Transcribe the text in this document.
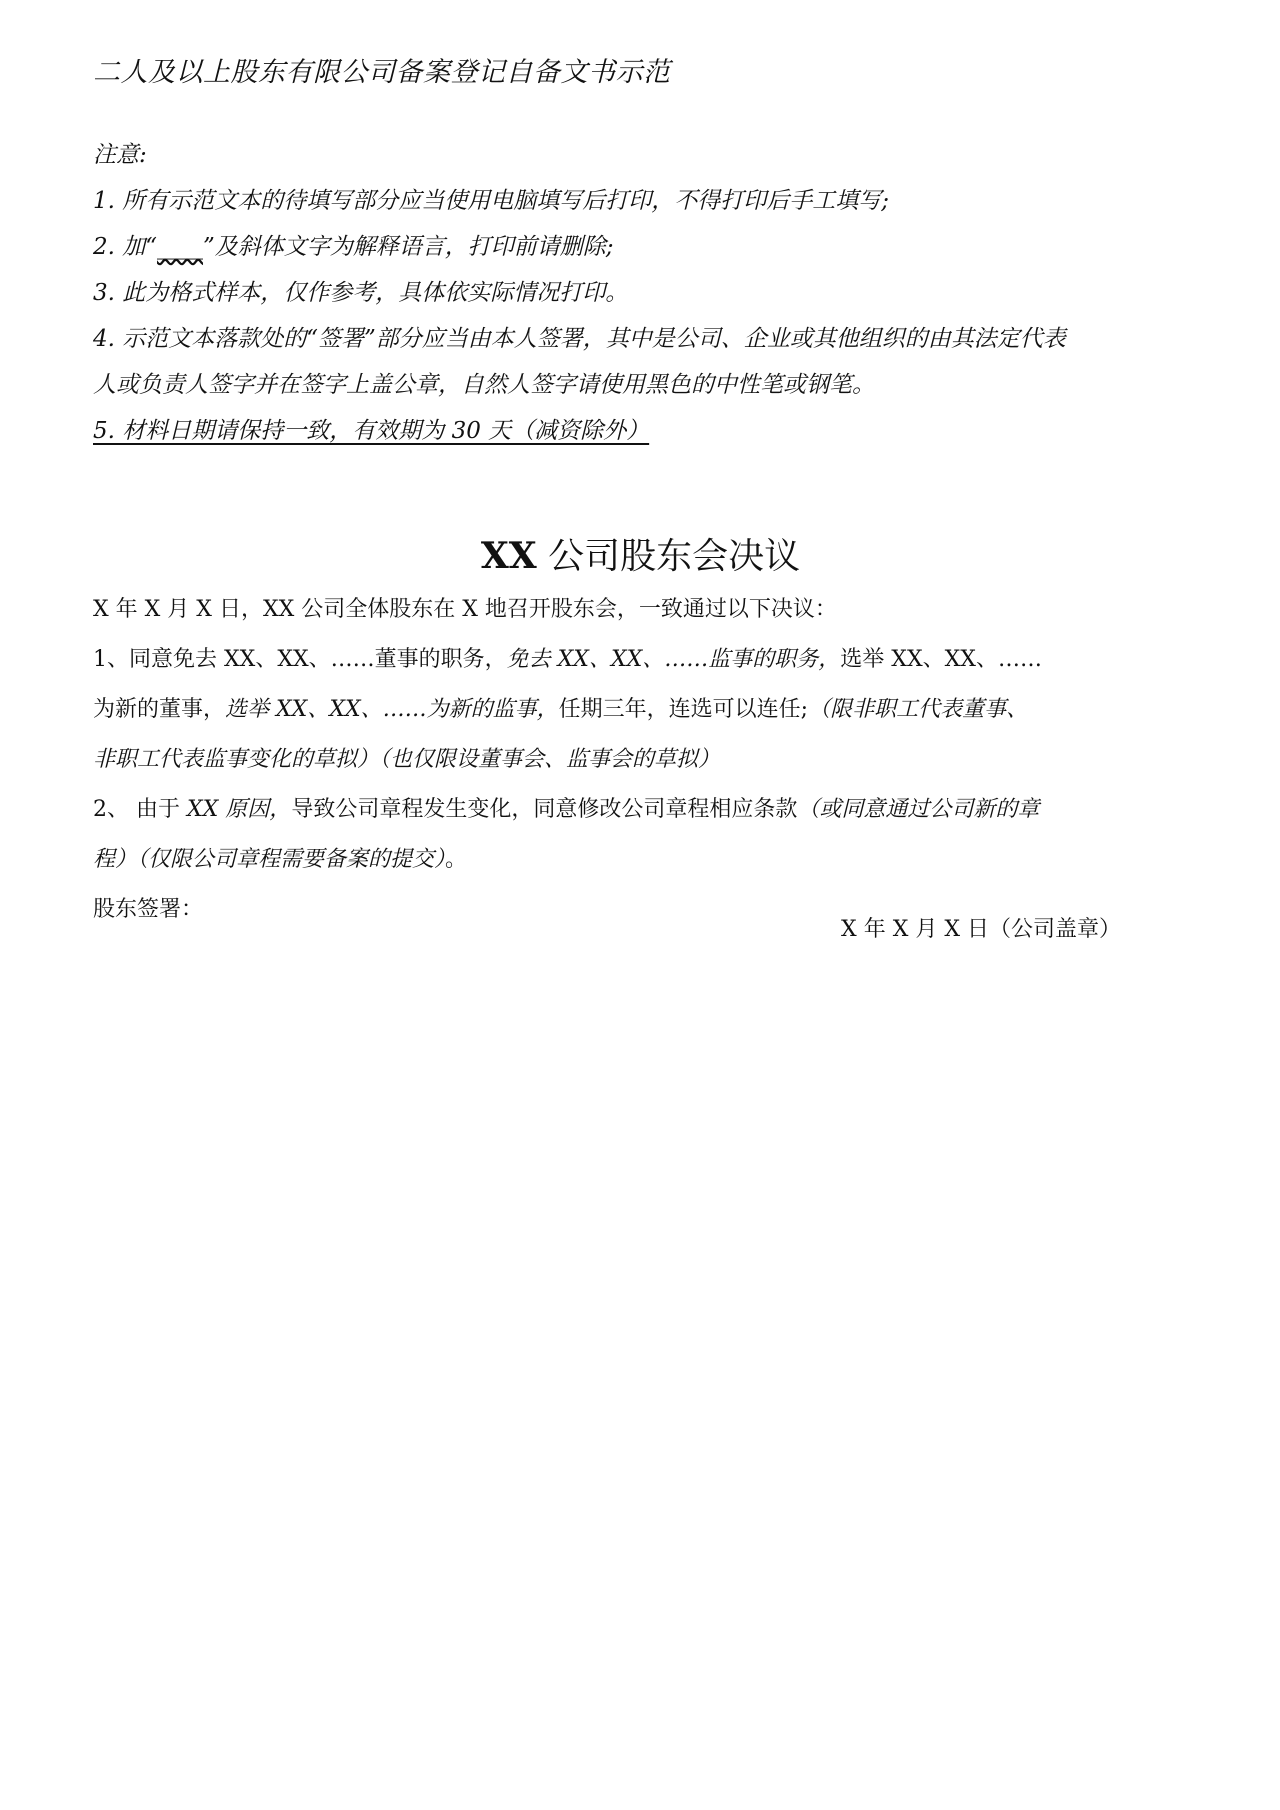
二人及以上股东有限公司备案登记自备文书示范
注意:
1. 所有示范文本的待填写部分应当使用电脑填写后打印，不得打印后手工填写;
2. 加“____”及斜体文字为解释语言，打印前请删除;
3. 此为格式样本，仅作参考，具体依实际情况打印。
4. 示范文本落款处的“签署”部分应当由本人签署，其中是公司、企业或其他组织的由其法定代表
人或负责人签字并在签字上盖公章，自然人签字请使用黑色的中性笔或钢笔。
5. 材料日期请保持一致，有效期为 30 天（减资除外）
XX 公司股东会决议
X 年 X 月 X 日，XX 公司全体股东在 X 地召开股东会，一致通过以下决议：
1、同意免去 XX、XX、……董事的职务，免去 XX、XX、……监事的职务，选举 XX、XX、……
为新的董事，选举 XX、XX、……为新的监事，任期三年，连选可以连任;（限非职工代表董事、
非职工代表监事变化的草拟）（也仅限设董事会、监事会的草拟）
2、 由于 XX 原因，导致公司章程发生变化，同意修改公司章程相应条款（或同意通过公司新的章
程）（仅限公司章程需要备案的提交）。
股东签署：
X 年 X 月 X 日（公司盖章）
